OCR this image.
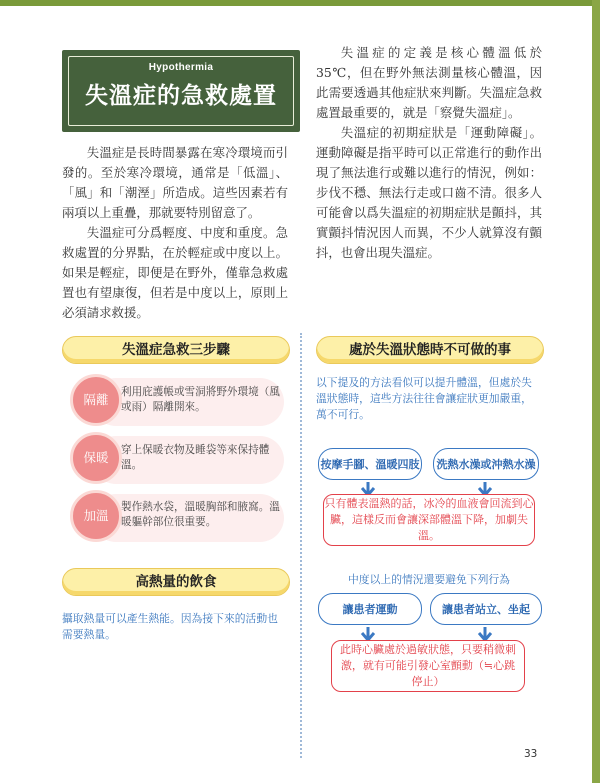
Hypothermia
失溫症的急救處置

失溫症是長時間暴露在寒冷環境而引發的。至於寒冷環境，通常是「低溫」、「風」和「潮溼」所造成。這些因素若有兩項以上重疊，那就要特別留意了。

失溫症可分爲輕度、中度和重度。急救處置的分界點，在於輕症或中度以上。如果是輕症，即便是在野外，僅靠急救處置也有望康復，但若是中度以上，原則上必須請求救援。

失溫症的定義是核心體溫低於 35℃，但在野外無法測量核心體溫，因此需要透過其他症狀來判斷。失溫症急救處置最重要的，就是「察覺失溫症」。

失溫症的初期症狀是「運動障礙」。運動障礙是指平時可以正常進行的動作出現了無法進行或難以進行的情況，例如：步伐不穩、無法行走或口齒不清。很多人可能會以爲失溫症的初期症狀是顫抖，其實顫抖情況因人而異，不少人就算沒有顫抖，也會出現失溫症。

失溫症急救三步驟
隔離	利用庇護帳或雪洞將野外環境（風或雨）隔離開來。
保暖	穿上保暖衣物及睡袋等來保持體溫。
加溫
製作熱水袋，溫暖胸部和腋窩。溫暖軀幹部位很重要。
高熱量的飲食
攝取熱量可以產生熱能。因為接下來的活動也需要熱量。
處於失溫狀態時不可做的事
以下提及的方法看似可以提升體溫，但處於失溫狀態時，這些方法往往會讓症狀更加嚴重，萬不可行。
按摩手腳、溫暖四肢	洗熱水澡或沖熱水澡
只有體表溫熱的話，冰冷的血液會回流到心臟，這樣反而會讓深部體溫下降，加劇失溫。
中度以上的情況還要避免下列行為
讓患者運動	讓患者站立、坐起
此時心臟處於過敏狀態，只要稍微刺激，就有可能引發心室顫動（≒心跳停止）
33
